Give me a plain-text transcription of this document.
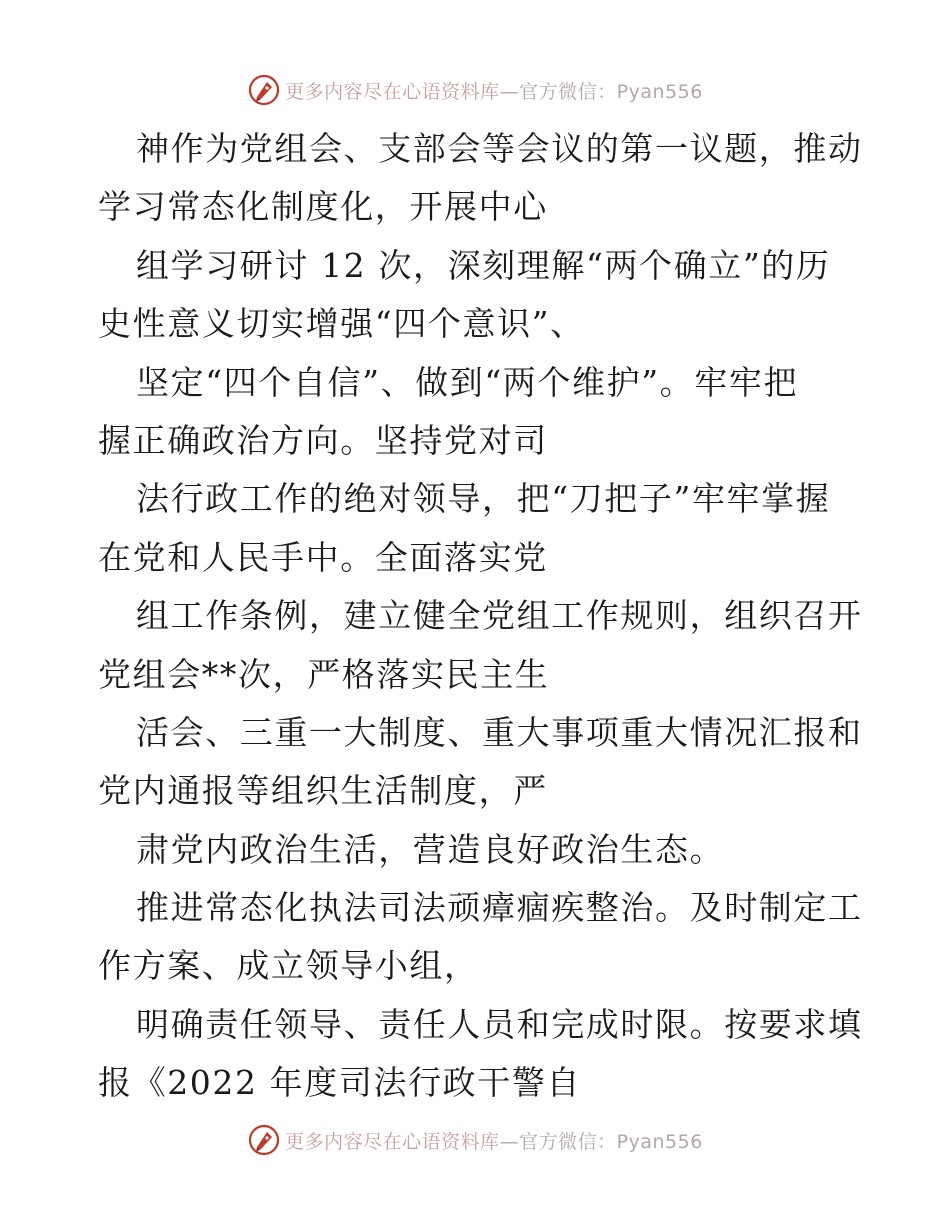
更多内容尽在心语资料库—官方微信：Pyan556
神作为党组会、支部会等会议的第一议题，推动
学习常态化制度化，开展中心
组学习研讨 12 次，深刻理解“两个确立”的历
史性意义切实增强“四个意识”、
坚定“四个自信”、做到“两个维护”。牢牢把
握正确政治方向。坚持党对司
法行政工作的绝对领导，把“刀把子”牢牢掌握
在党和人民手中。全面落实党
组工作条例，建立健全党组工作规则，组织召开
党组会**次，严格落实民主生
活会、三重一大制度、重大事项重大情况汇报和
党内通报等组织生活制度，严
肃党内政治生活，营造良好政治生态。
推进常态化执法司法顽瘴痼疾整治。及时制定工
作方案、成立领导小组，
明确责任领导、责任人员和完成时限。按要求填
报《2022 年度司法行政干警自
更多内容尽在心语资料库—官方微信：Pyan556
